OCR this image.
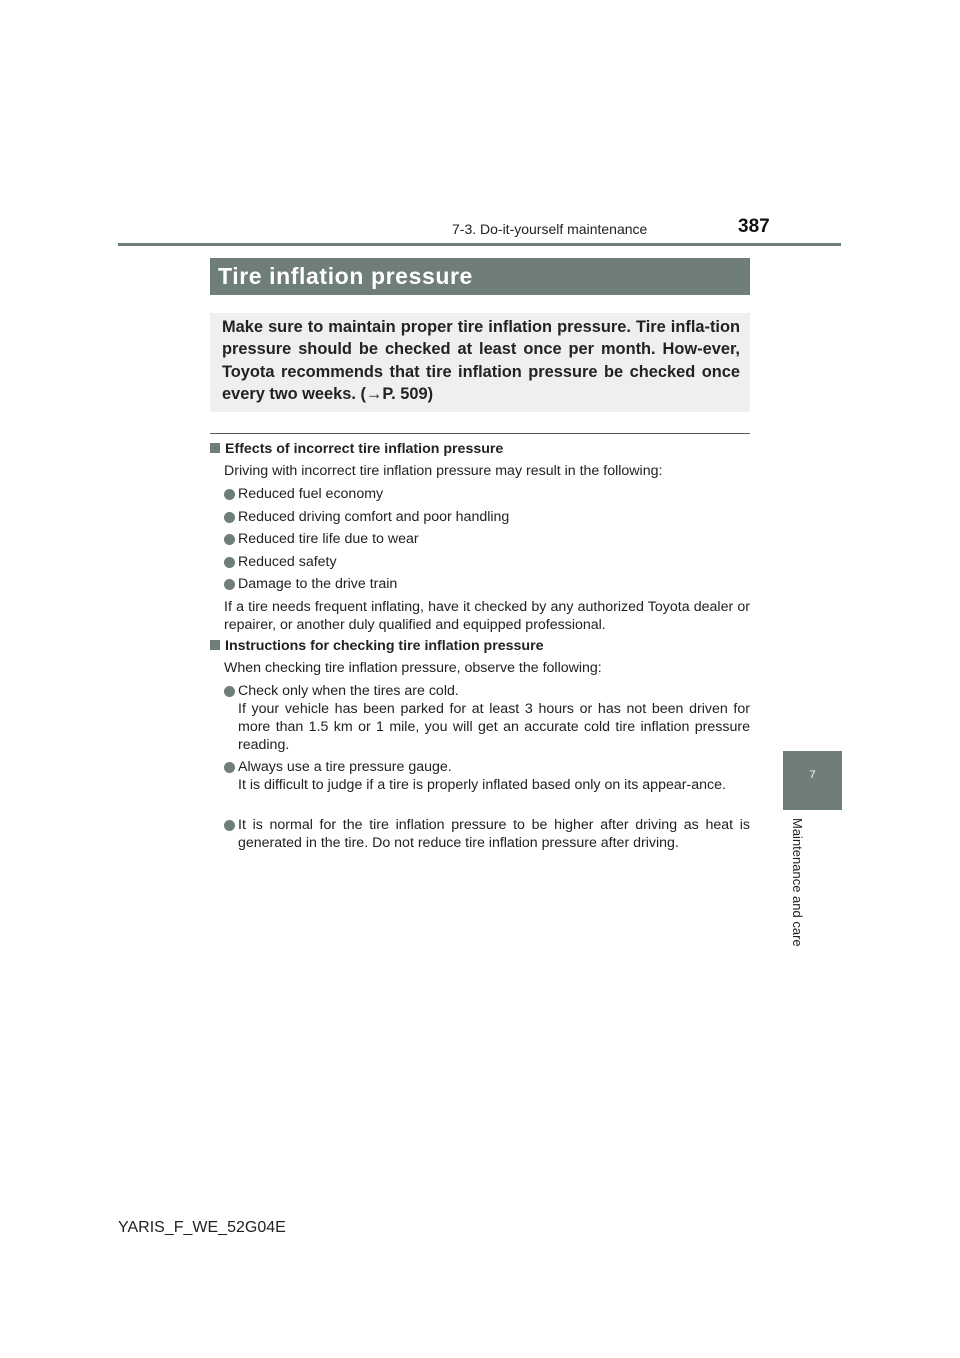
7-3. Do-it-yourself maintenance	387
7
Maintenance and care
Tire inflation pressure
Make sure to maintain proper tire inflation pressure. Tire infla-tion pressure should be checked at least once per month. How-ever, Toyota recommends that tire inflation pressure be checked once every two weeks. (→P. 509)
Effects of incorrect tire inflation pressure
Driving with incorrect tire inflation pressure may result in the following:
Reduced fuel economy
Reduced driving comfort and poor handling
Reduced tire life due to wear
Reduced safety
Damage to the drive train
If a tire needs frequent inflating, have it checked by any authorized Toyota dealer or repairer, or another duly qualified and equipped professional.
Instructions for checking tire inflation pressure
When checking tire inflation pressure, observe the following:
Check only when the tires are cold.
If your vehicle has been parked for at least 3 hours or has not been driven for more than 1.5 km or 1 mile, you will get an accurate cold tire inflation pressure reading.
Always use a tire pressure gauge.
It is difficult to judge if a tire is properly inflated based only on its appear-ance.
It is normal for the tire inflation pressure to be higher after driving as heat is generated in the tire. Do not reduce tire inflation pressure after driving.
YARIS_F_WE_52G04E
